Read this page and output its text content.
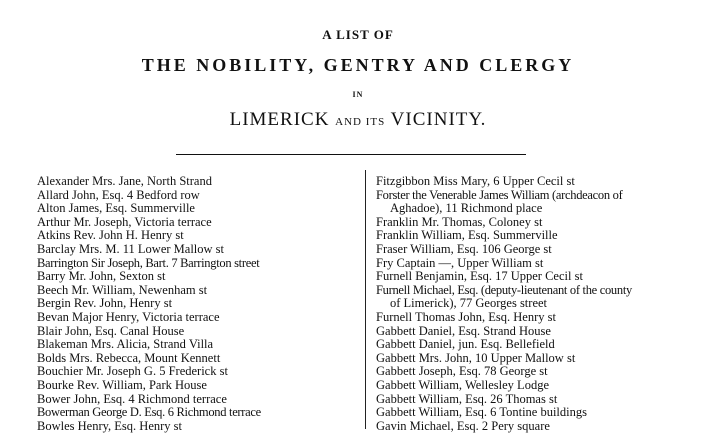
A LIST OF
THE NOBILITY, GENTRY AND CLERGY
IN
LIMERICK AND ITS VICINITY.
Alexander Mrs. Jane, North Strand
Allard John, Esq. 4 Bedford row
Alton James, Esq. Summerville
Arthur Mr. Joseph, Victoria terrace
Atkins Rev. John H. Henry st
Barclay Mrs. M. 11 Lower Mallow st
Barrington Sir Joseph, Bart. 7 Barrington street
Barry Mr. John, Sexton st
Beech Mr. William, Newenham st
Bergin Rev. John, Henry st
Bevan Major Henry, Victoria terrace
Blair John, Esq. Canal House
Blakeman Mrs. Alicia, Strand Villa
Bolds Mrs. Rebecca, Mount Kennett
Bouchier Mr. Joseph G. 5 Frederick st
Bourke Rev. William, Park House
Bower John, Esq. 4 Richmond terrace
Bowerman George D. Esq. 6 Richmond terrace
Bowles Henry, Esq. Henry st
Fitzgibbon Miss Mary, 6 Upper Cecil st
Forster the Venerable James William (archdeacon of
Aghadoe), 11 Richmond place
Franklin Mr. Thomas, Coloney st
Franklin William, Esq. Summerville
Fraser William, Esq. 106 George st
Fry Captain —, Upper William st
Furnell Benjamin, Esq. 17 Upper Cecil st
Furnell Michael, Esq. (deputy-lieutenant of the county
of Limerick), 77 Georges street
Furnell Thomas John, Esq. Henry st
Gabbett Daniel, Esq. Strand House
Gabbett Daniel, jun. Esq. Bellefield
Gabbett Mrs. John, 10 Upper Mallow st
Gabbett Joseph, Esq. 78 George st
Gabbett William, Wellesley Lodge
Gabbett William, Esq. 26 Thomas st
Gabbett William, Esq. 6 Tontine buildings
Gavin Michael, Esq. 2 Pery square
